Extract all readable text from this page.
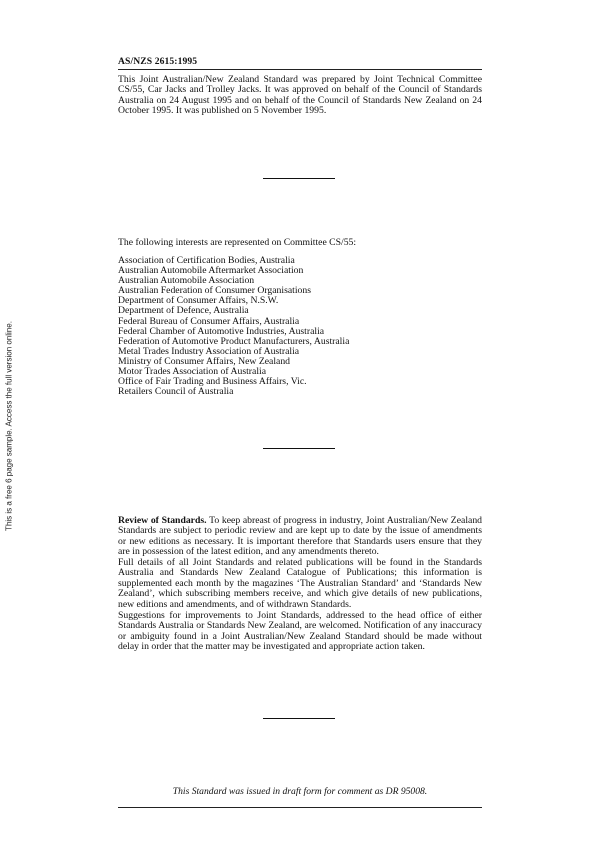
This is a free 6 page sample. Access the full version online.
AS/NZS 2615:1995

This Joint Australian/New Zealand Standard was prepared by Joint Technical Committee CS/55, Car Jacks and Trolley Jacks. It was approved on behalf of the Council of Standards Australia on 24 August 1995 and on behalf of the Council of Standards New Zealand on 24 October 1995. It was published on 5 November 1995.

The following interests are represented on Committee CS/55:
Association of Certification Bodies, Australia
Australian Automobile Aftermarket Association
Australian Automobile Association
Australian Federation of Consumer Organisations
Department of Consumer Affairs, N.S.W.
Department of Defence, Australia
Federal Bureau of Consumer Affairs, Australia
Federal Chamber of Automotive Industries, Australia
Federation of Automotive Product Manufacturers, Australia
Metal Trades Industry Association of Australia
Ministry of Consumer Affairs, New Zealand
Motor Trades Association of Australia
Office of Fair Trading and Business Affairs, Vic.
Retailers Council of Australia

Review of Standards. To keep abreast of progress in industry, Joint Australian/New Zealand Standards are subject to periodic review and are kept up to date by the issue of amendments or new editions as necessary. It is important therefore that Standards users ensure that they are in possession of the latest edition, and any amendments thereto.

Full details of all Joint Standards and related publications will be found in the Standards Australia and Standards New Zealand Catalogue of Publications; this information is supplemented each month by the magazines ‘The Australian Standard’ and ‘Standards New Zealand’, which subscribing members receive, and which give details of new publications, new editions and amendments, and of withdrawn Standards.

Suggestions for improvements to Joint Standards, addressed to the head office of either Standards Australia or Standards New Zealand, are welcomed. Notification of any inaccuracy or ambiguity found in a Joint Australian/New Zealand Standard should be made without delay in order that the matter may be investigated and appropriate action taken.

This Standard was issued in draft form for comment as DR 95008.
